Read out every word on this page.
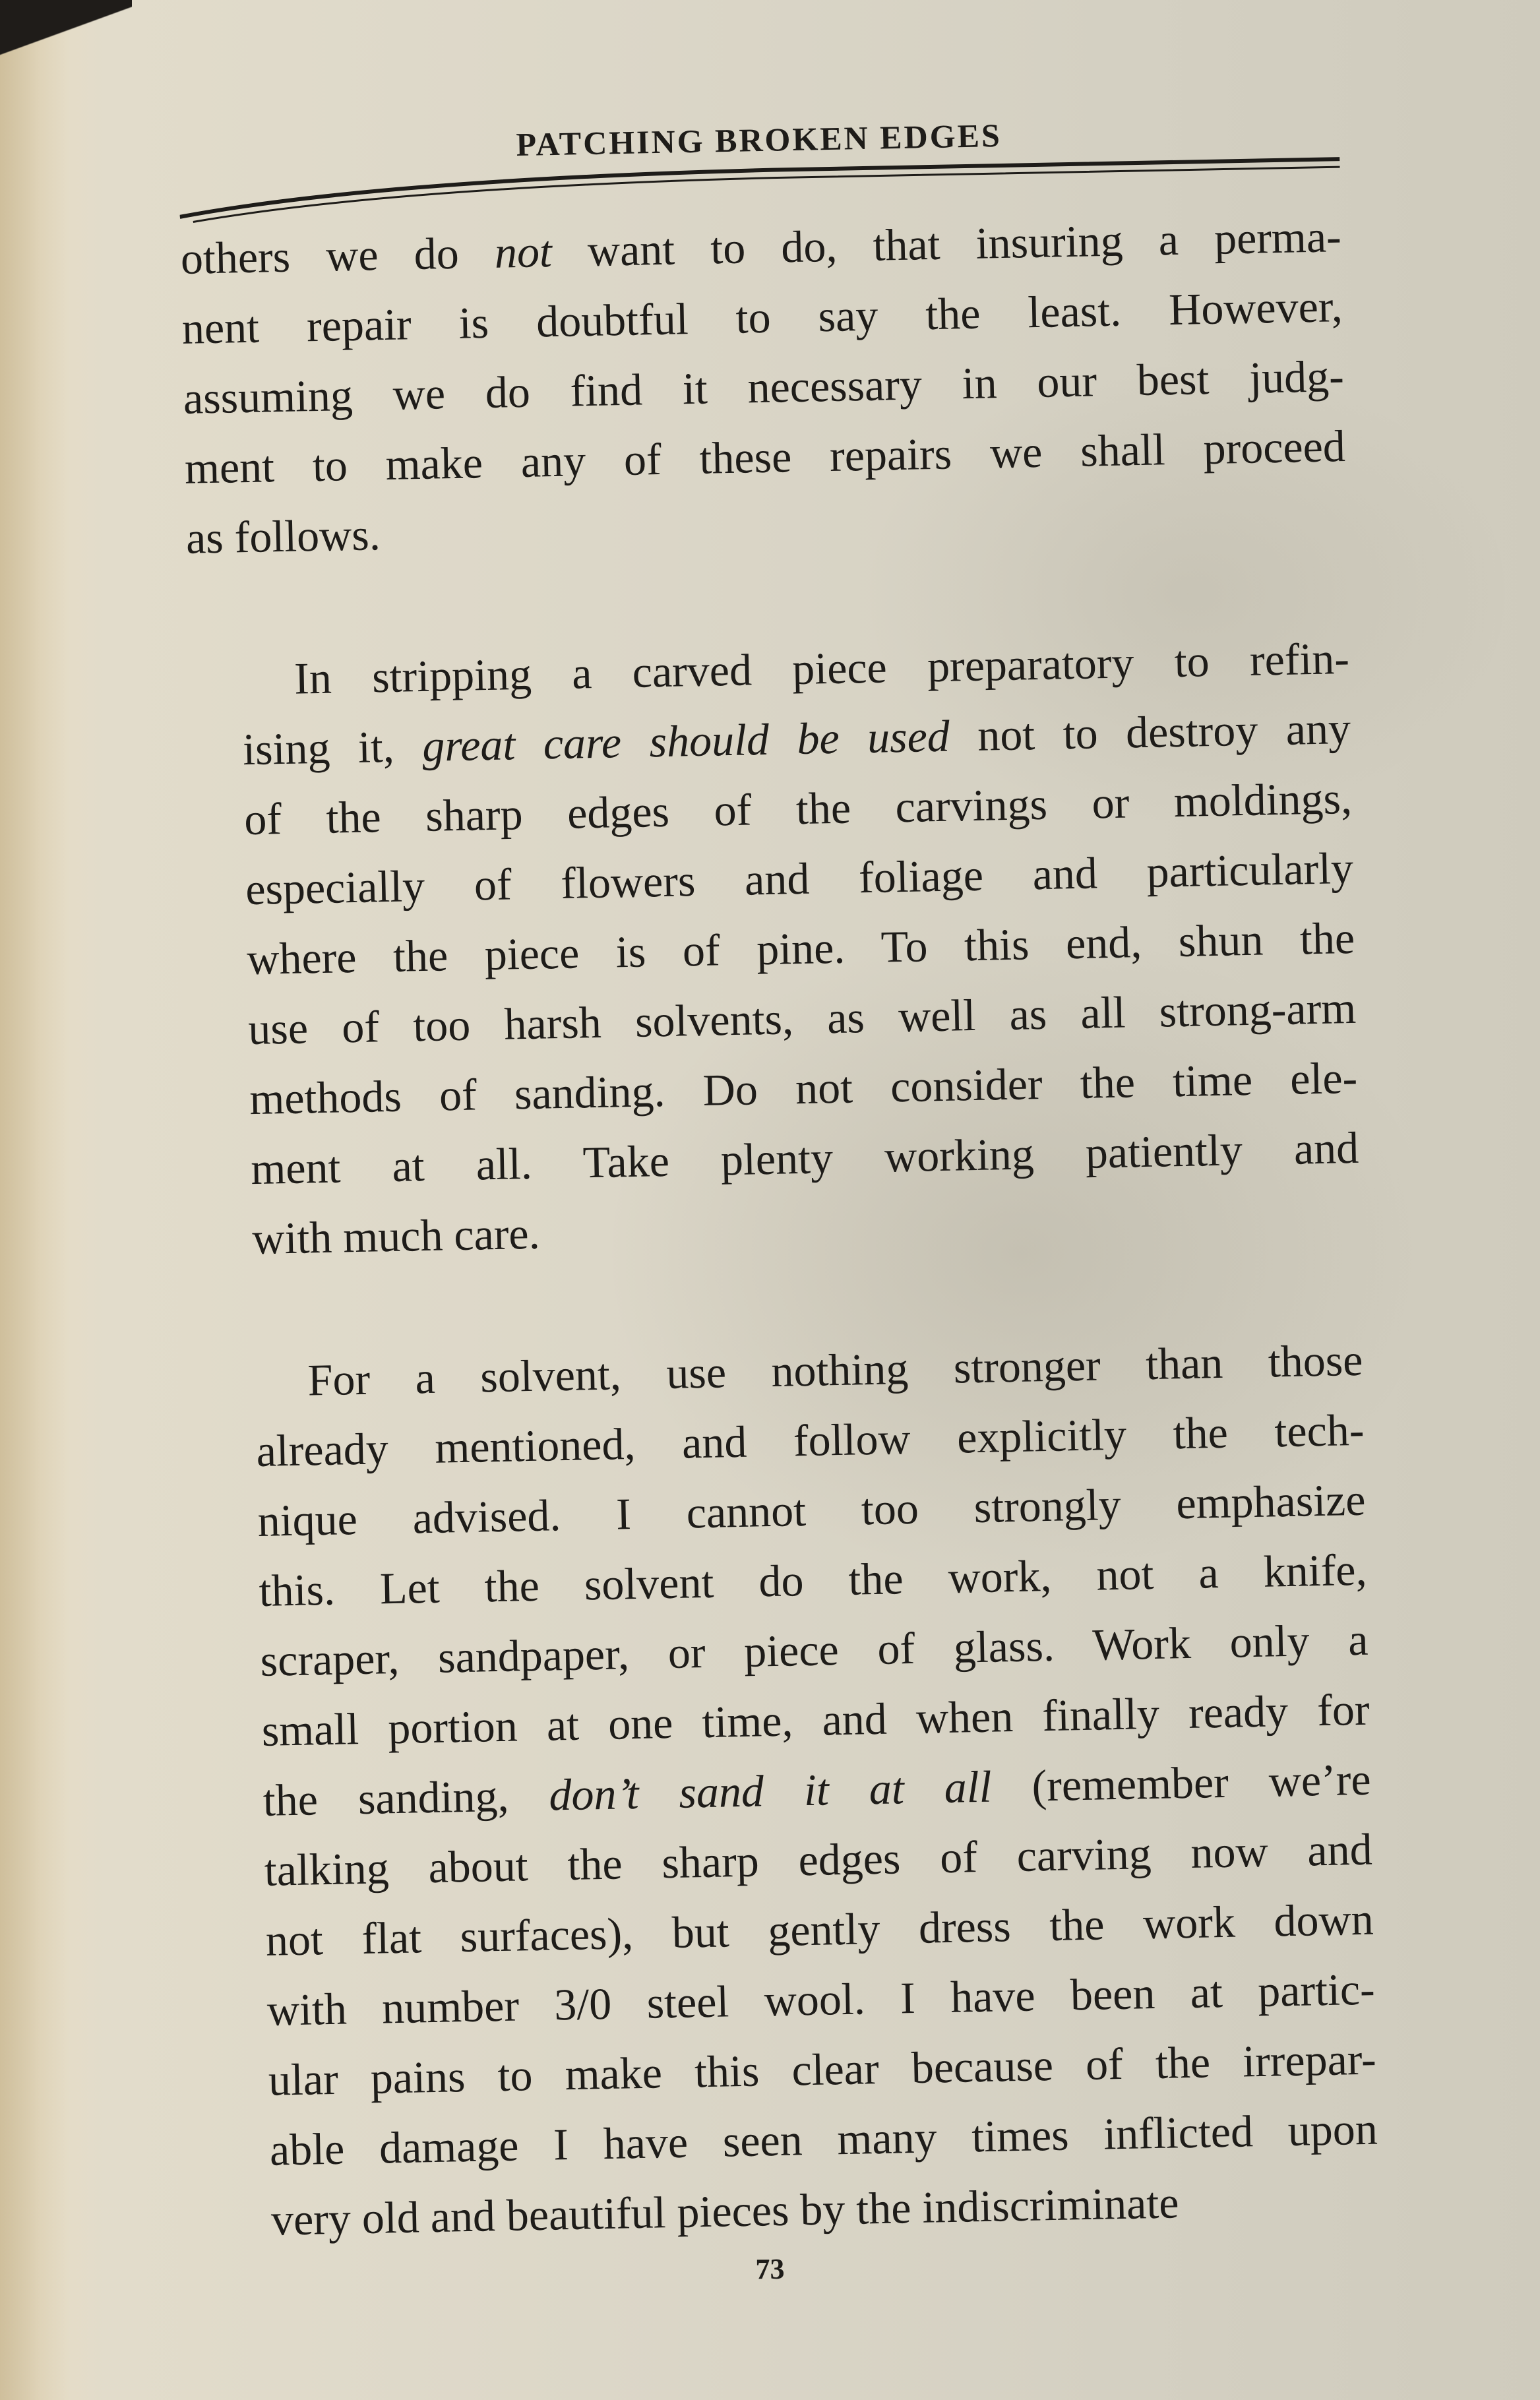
PATCHING BROKEN EDGES
others we do not want to do, that insuring a perma-
nent repair is doubtful to say the least. However,
assuming we do find it necessary in our best judg-
ment to make any of these repairs we shall proceed
as follows.
In stripping a carved piece preparatory to refin-
ising it, great care should be used not to destroy any
of the sharp edges of the carvings or moldings,
especially of flowers and foliage and particularly
where the piece is of pine. To this end, shun the
use of too harsh solvents, as well as all strong-arm
methods of sanding. Do not consider the time ele-
ment at all. Take plenty working patiently and
with much care.
For a solvent, use nothing stronger than those
already mentioned, and follow explicitly the tech-
nique advised. I cannot too strongly emphasize
this. Let the solvent do the work, not a knife,
scraper, sandpaper, or piece of glass. Work only a
small portion at one time, and when finally ready for
the sanding, don’t sand it at all (remember we’re
talking about the sharp edges of carving now and
not flat surfaces), but gently dress the work down
with number 3/0 steel wool. I have been at partic-
ular pains to make this clear because of the irrepar-
able damage I have seen many times inflicted upon
very old and beautiful pieces by the indiscriminate
73
